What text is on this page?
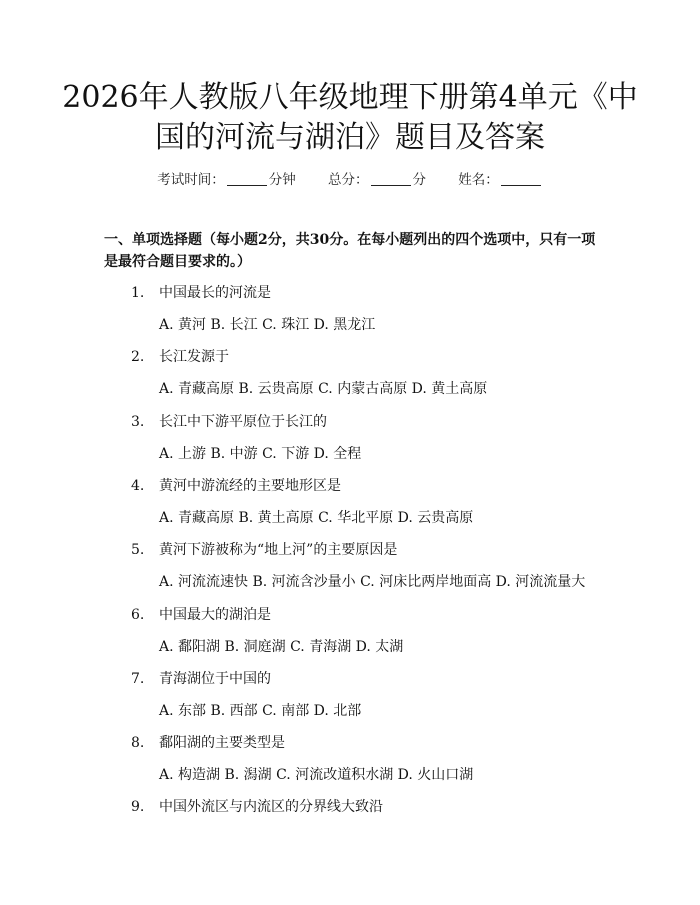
2026年人教版八年级地理下册第4单元《中
国的河流与湖泊》题目及答案
考试时间：	分钟 总分：	分 姓名：
一、单项选择题（每小题2分，共30分。在每小题列出的四个选项中，只有一项
是最符合题目要求的。）
1. 中国最长的河流是
A. 黄河 B. 长江 C. 珠江 D. 黑龙江
2. 长江发源于
A. 青藏高原 B. 云贵高原 C. 内蒙古高原 D. 黄土高原
3. 长江中下游平原位于长江的
A. 上游 B. 中游 C. 下游 D. 全程
4. 黄河中游流经的主要地形区是
A. 青藏高原 B. 黄土高原 C. 华北平原 D. 云贵高原
5. 黄河下游被称为“地上河”的主要原因是
A. 河流流速快 B. 河流含沙量小 C. 河床比两岸地面高 D. 河流流量大
6. 中国最大的湖泊是
A. 鄱阳湖 B. 洞庭湖 C. 青海湖 D. 太湖
7. 青海湖位于中国的
A. 东部 B. 西部 C. 南部 D. 北部
8. 鄱阳湖的主要类型是
A. 构造湖 B. 潟湖 C. 河流改道积水湖 D. 火山口湖
9. 中国外流区与内流区的分界线大致沿
